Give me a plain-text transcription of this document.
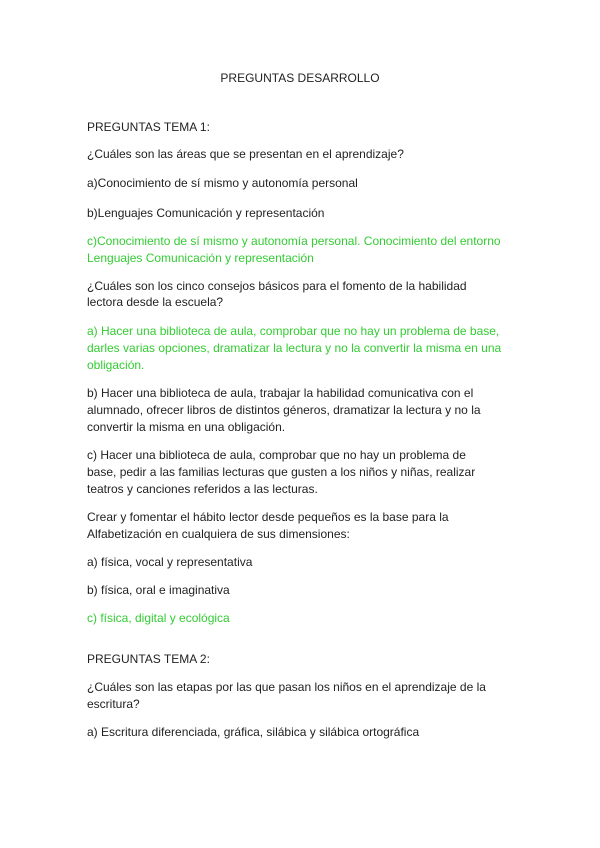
PREGUNTAS DESARROLLO
PREGUNTAS TEMA 1:
¿Cuáles son las áreas que se presentan en el aprendizaje?
a)Conocimiento de sí mismo y autonomía personal
b)Lenguajes Comunicación y representación
c)Conocimiento de sí mismo y autonomía personal. Conocimiento del entorno
Lenguajes Comunicación y representación
¿Cuáles son los cinco consejos básicos para el fomento de la habilidad
lectora desde la escuela?
a) Hacer una biblioteca de aula, comprobar que no hay un problema de base,
darles varias opciones, dramatizar la lectura y no la convertir la misma en una
obligación.
b) Hacer una biblioteca de aula, trabajar la habilidad comunicativa con el
alumnado, ofrecer libros de distintos géneros, dramatizar la lectura y no la
convertir la misma en una obligación.
c) Hacer una biblioteca de aula, comprobar que no hay un problema de
base, pedir a las familias lecturas que gusten a los niños y niñas, realizar
teatros y canciones referidos a las lecturas.
Crear y fomentar el hábito lector desde pequeños es la base para la
Alfabetización en cualquiera de sus dimensiones:
a) física, vocal y representativa
b) física, oral e imaginativa
c) física, digital y ecológica
PREGUNTAS TEMA 2:
¿Cuáles son las etapas por las que pasan los niños en el aprendizaje de la
escritura?
a) Escritura diferenciada, gráfica, silábica y silábica ortográfica
